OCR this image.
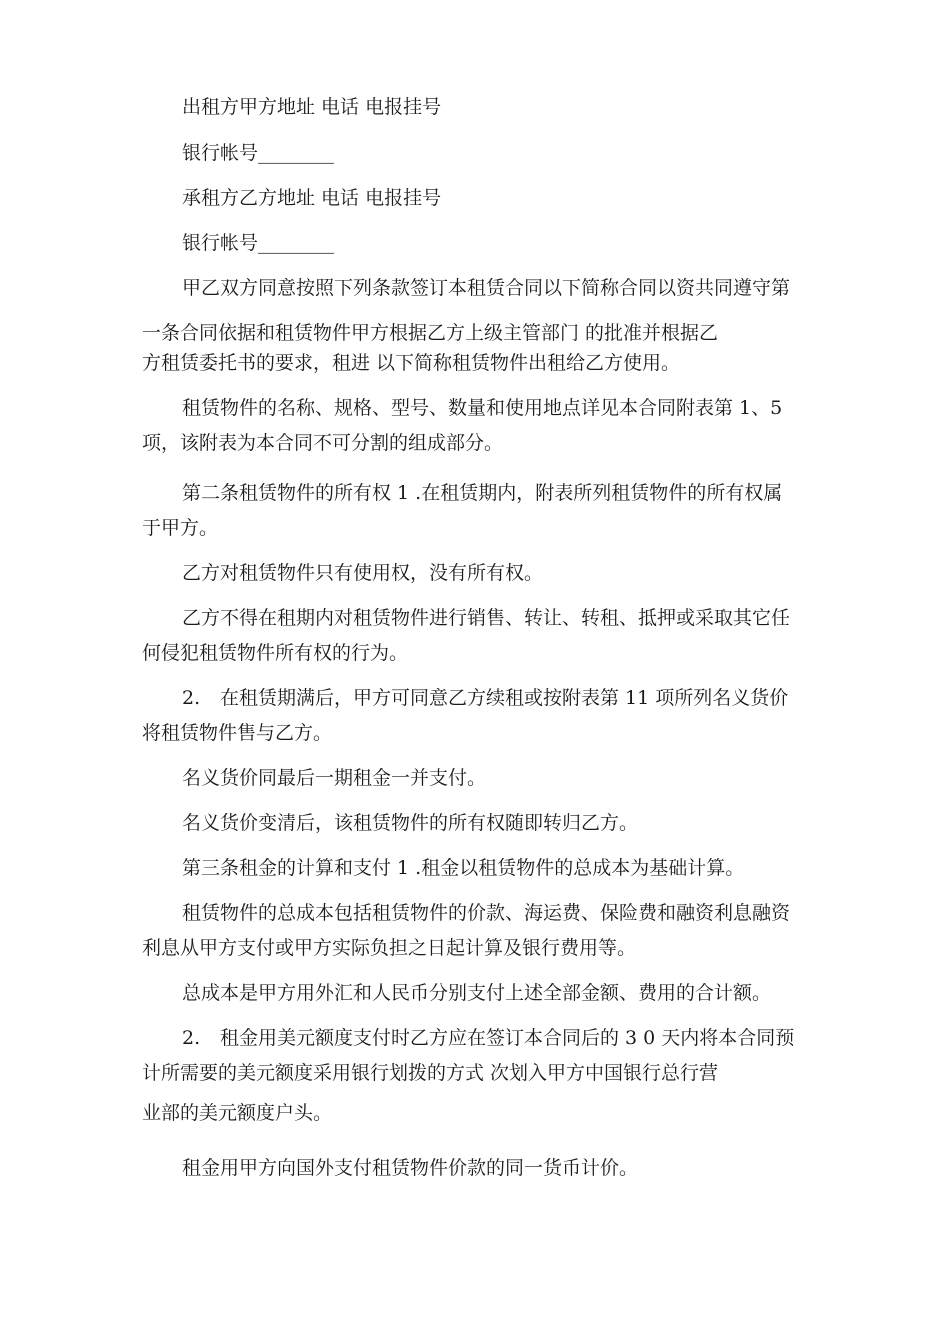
出租方甲方地址 电话 电报挂号
银行帐号________
承租方乙方地址 电话 电报挂号
银行帐号________
甲乙双方同意按照下列条款签订本租赁合同以下简称合同以资共同遵守第
一条合同依据和租赁物件甲方根据乙方上级主管部门 的批准并根据乙
方租赁委托书的要求，租进 以下简称租赁物件出租给乙方使用。
租赁物件的名称、规格、型号、数量和使用地点详见本合同附表第 1、5
项，该附表为本合同不可分割的组成部分。
第二条租赁物件的所有权 1 .在租赁期内，附表所列租赁物件的所有权属
于甲方。
乙方对租赁物件只有使用权，没有所有权。
乙方不得在租期内对租赁物件进行销售、转让、转租、抵押或采取其它任
何侵犯租赁物件所有权的行为。
2. 在租赁期满后，甲方可同意乙方续租或按附表第 11 项所列名义货价
将租赁物件售与乙方。
名义货价同最后一期租金一并支付。
名义货价变清后，该租赁物件的所有权随即转归乙方。
第三条租金的计算和支付 1 .租金以租赁物件的总成本为基础计算。
租赁物件的总成本包括租赁物件的价款、海运费、保险费和融资利息融资
利息从甲方支付或甲方实际负担之日起计算及银行费用等。
总成本是甲方用外汇和人民币分别支付上述全部金额、费用的合计额。
2. 租金用美元额度支付时乙方应在签订本合同后的 3 0 天内将本合同预
计所需要的美元额度采用银行划拨的方式 次划入甲方中国银行总行营
业部的美元额度户头。
租金用甲方向国外支付租赁物件价款的同一货币计价。
